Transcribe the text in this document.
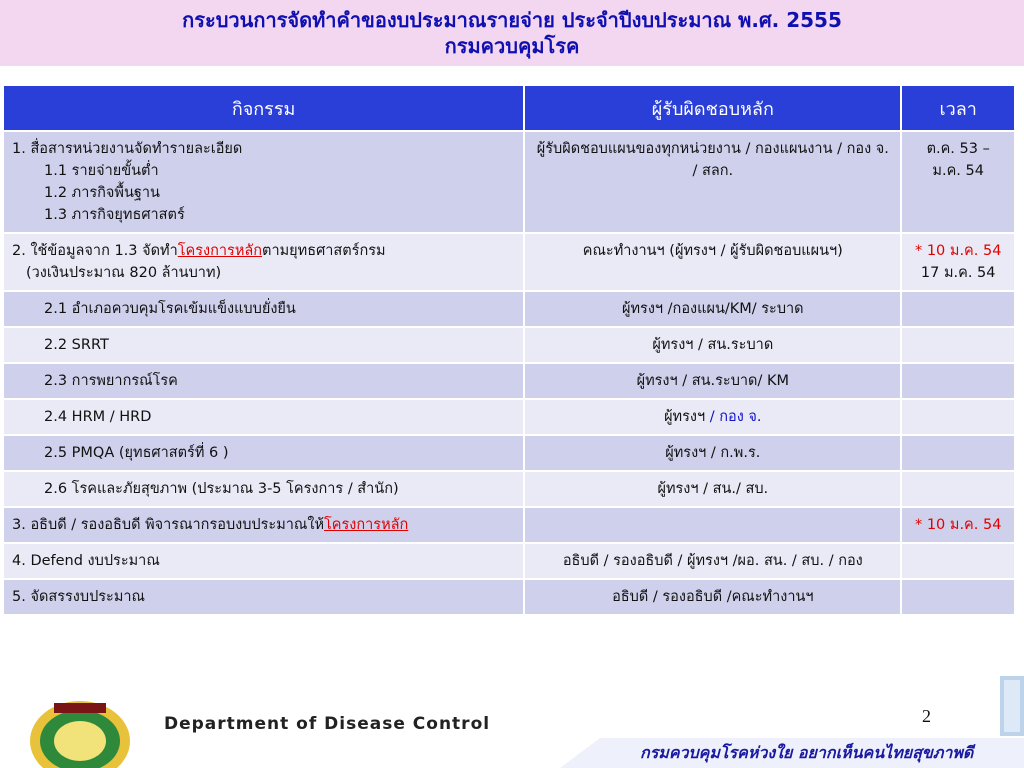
กระบวนการจัดทำคำของบประมาณรายจ่าย ประจำปีงบประมาณ พ.ศ. 2555
กรมควบคุมโรค
กิจกรรม	ผู้รับผิดชอบหลัก	เวลา
1. สื่อสารหน่วยงานจัดทำรายละเอียด
1.1 รายจ่ายขั้นต่ำ
1.2 ภารกิจพื้นฐาน
1.3 ภารกิจยุทธศาสตร์	ผู้รับผิดชอบแผนของทุกหน่วยงาน / กองแผนงาน / กอง จ. / สลก.	ต.ค. 53 – ม.ค. 54
2. ใช้ข้อมูลจาก 1.3 จัดทำโครงการหลักตามยุทธศาสตร์กรม
(วงเงินประมาณ 820 ล้านบาท)	คณะทำงานฯ (ผู้ทรงฯ / ผู้รับผิดชอบแผนฯ)	* 10 ม.ค. 54
17 ม.ค. 54
2.1 อำเภอควบคุมโรคเข้มแข็งแบบยั่งยืน	ผู้ทรงฯ /กองแผน/KM/ ระบาด	
2.2 SRRT	ผู้ทรงฯ / สน.ระบาด	
2.3 การพยากรณ์โรค	ผู้ทรงฯ / สน.ระบาด/ KM	
2.4 HRM / HRD	ผู้ทรงฯ / กอง จ.	
2.5 PMQA (ยุทธศาสตร์ที่ 6 )	ผู้ทรงฯ / ก.พ.ร.	
2.6 โรคและภัยสุขภาพ (ประมาณ 3-5 โครงการ / สำนัก)	ผู้ทรงฯ / สน./ สบ.	
3. อธิบดี / รองอธิบดี พิจารณากรอบงบประมาณให้โครงการหลัก		* 10 ม.ค. 54
4. Defend งบประมาณ	อธิบดี / รองอธิบดี / ผู้ทรงฯ /ผอ. สน. / สบ. / กอง	
5. จัดสรรงบประมาณ	อธิบดี / รองอธิบดี /คณะทำงานฯ	
Department of Disease Control	2
กรมควบคุมโรคห่วงใย อยากเห็นคนไทยสุขภาพดี
